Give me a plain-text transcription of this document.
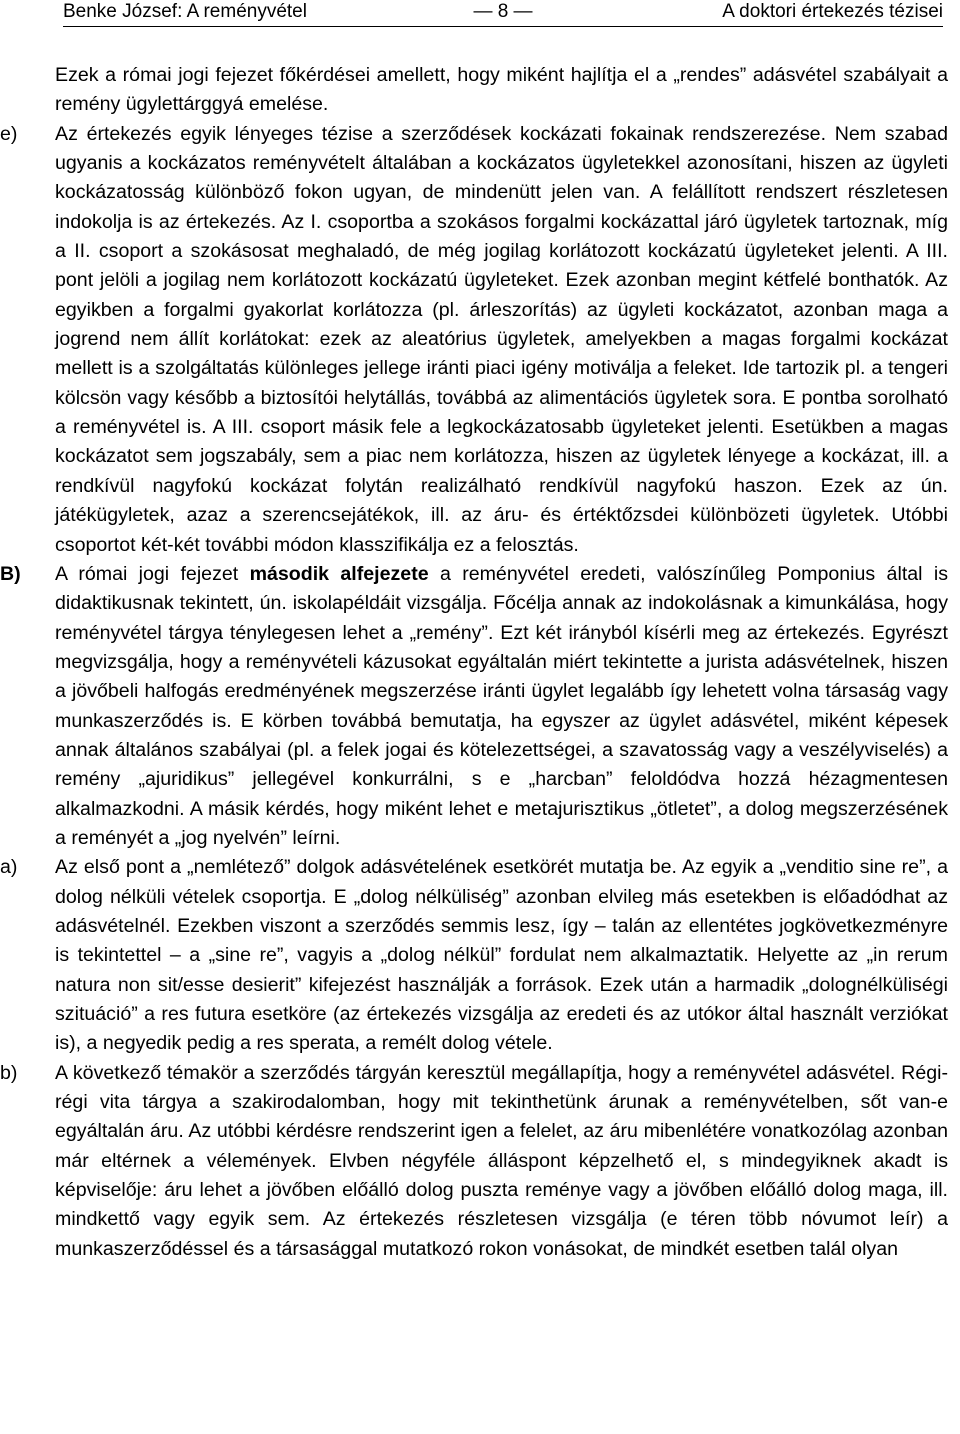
Benke József: A reményvétel	— 8 —	A doktori értekezés tézisei

Ezek a római jogi fejezet főkérdései amellett, hogy miként hajlítja el a „rendes” adásvétel szabályait a remény ügylettárggyá emelése.

e) Az értekezés egyik lényeges tézise a szerződések kockázati fokainak rendszerezése. Nem szabad ugyanis a kockázatos reményvételt általában a kockázatos ügyletekkel azonosítani, hiszen az ügyleti kockázatosság különböző fokon ugyan, de mindenütt jelen van. A felállított rendszert részletesen indokolja is az értekezés. Az I. csoportba a szokásos forgalmi kockázattal járó ügyletek tartoznak, míg a II. csoport a szokásosat meghaladó, de még jogilag korlátozott kockázatú ügyleteket jelenti. A III. pont jelöli a jogilag nem korlátozott kockázatú ügyleteket. Ezek azonban megint kétfelé bonthatók. Az egyikben a forgalmi gyakorlat korlátozza (pl. árleszorítás) az ügyleti kockázatot, azonban maga a jogrend nem állít korlátokat: ezek az aleatórius ügyletek, amelyekben a magas forgalmi kockázat mellett is a szolgáltatás különleges jellege iránti piaci igény motiválja a feleket. Ide tartozik pl. a tengeri kölcsön vagy később a biztosítói helytállás, továbbá az alimentációs ügyletek sora. E pontba sorolható a reményvétel is. A III. csoport másik fele a legkockázatosabb ügyleteket jelenti. Esetükben a magas kockázatot sem jogszabály, sem a piac nem korlátozza, hiszen az ügyletek lényege a kockázat, ill. a rendkívül nagyfokú kockázat folytán realizálható rendkívül nagyfokú haszon. Ezek az ún. játékügyletek, azaz a szerencsejátékok, ill. az áru- és értéktőzsdei különbözeti ügyletek. Utóbbi csoportot két-két további módon klasszifikálja ez a felosztás.

B) A római jogi fejezet második alfejezete a reményvétel eredeti, valószínűleg Pomponius által is didaktikusnak tekintett, ún. iskolapéldáit vizsgálja. Főcélja annak az indokolásnak a kimunkálása, hogy reményvétel tárgya ténylegesen lehet a „remény”. Ezt két irányból kísérli meg az értekezés. Egyrészt megvizsgálja, hogy a reményvételi kázusokat egyáltalán miért tekintette a jurista adásvételnek, hiszen a jövőbeli halfogás eredményének megszerzése iránti ügylet legalább így lehetett volna társaság vagy munkaszerződés is. E körben továbbá bemutatja, ha egyszer az ügylet adásvétel, miként képesek annak általános szabályai (pl. a felek jogai és kötelezettségei, a szavatosság vagy a veszélyviselés) a remény „ajuridikus” jellegével konkurrálni, s e „harcban” feloldódva hozzá hézagmentesen alkalmazkodni. A másik kérdés, hogy miként lehet e metajurisztikus „ötletet”, a dolog megszerzésének a reményét a „jog nyelvén” leírni.

a) Az első pont a „nemlétező” dolgok adásvételének esetkörét mutatja be. Az egyik a „venditio sine re”, a dolog nélküli vételek csoportja. E „dolog nélküliség” azonban elvileg más esetekben is előadódhat az adásvételnél. Ezekben viszont a szerződés semmis lesz, így – talán az ellentétes jogkövetkezményre is tekintettel – a „sine re”, vagyis a „dolog nélkül” fordulat nem alkalmaztatik. Helyette az „in rerum natura non sit/esse desierit” kifejezést használják a források. Ezek után a harmadik „dolognélküliségi szituáció” a res futura esetköre (az értekezés vizsgálja az eredeti és az utókor által használt verziókat is), a negyedik pedig a res sperata, a remélt dolog vétele.

b) A következő témakör a szerződés tárgyán keresztül megállapítja, hogy a reményvétel adásvétel. Régi-régi vita tárgya a szakirodalomban, hogy mit tekinthetünk árunak a reményvételben, sőt van-e egyáltalán áru. Az utóbbi kérdésre rendszerint igen a felelet, az áru mibenlétére vonatkozólag azonban már eltérnek a vélemények. Elvben négyféle álláspont képzelhető el, s mindegyiknek akadt is képviselője: áru lehet a jövőben előálló dolog puszta reménye vagy a jövőben előálló dolog maga, ill. mindkettő vagy egyik sem. Az értekezés részletesen vizsgálja (e téren több nóvumot leír) a munkaszerződéssel és a társasággal mutatkozó rokon vonásokat, de mindkét esetben talál olyan
